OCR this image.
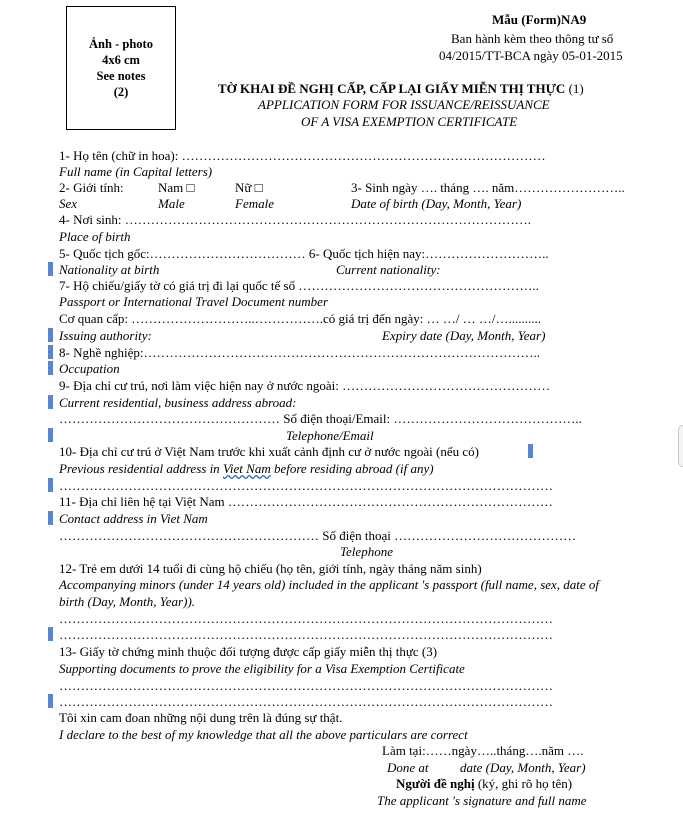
Ảnh - photo
4x6 cm
See notes
(2)
Mẫu (Form)NA9
Ban hành kèm theo thông tư số
04/2015/TT-BCA ngày 05-01-2015
TỜ KHAI ĐỀ NGHỊ CẤP, CẤP LẠI GIẤY MIỄN THỊ THỰC (1)
APPLICATION FORM FOR ISSUANCE/REISSUANCE
OF A VISA EXEMPTION CERTIFICATE
1- Họ tên (chữ in hoa): …………………………………………………………………………
Full name (in Capital letters)
2- Giới tính:	Nam □	Nữ □	3- Sinh ngày …. tháng …. năm……………………..
Sex	Male	Female	Date of birth (Day, Month, Year)
4- Nơi sinh: ………………………………………………………………………………….
Place of birth
5- Quốc tịch gốc:……………………………… 6- Quốc tịch hiện nay:………………………..
Nationality at birth	Current nationality:
7- Hộ chiếu/giấy tờ có giá trị đi lại quốc tế số ………………………………………………..
Passport or International Travel Document number
Cơ quan cấp: ………………………..…………….có giá trị đến ngày: … …/ … …/…..........
Issuing authority:	Expiry date (Day, Month, Year)
8- Nghề nghiệp:………………………………………………………………………………..
Occupation
9- Địa chỉ cư trú, nơi làm việc hiện nay ở nước ngoài: …………………………………………
Current residential, business address abroad:
…………………………………………… Số điện thoại/Email: ……………………………………..
Telephone/Email
10- Địa chỉ cư trú ở Việt Nam trước khi xuất cảnh định cư ở nước ngoài (nếu có)
Previous residential address in Viet Nam before residing abroad (if any)
……………………………………………………………………………………………………
11- Địa chỉ liên hệ tại Việt Nam …………………………………………………………………
Contact address in Viet Nam
…………………………………………………… Số điện thoại ……………………………………
Telephone
12- Trẻ em dưới 14 tuổi đi cùng hộ chiếu (họ tên, giới tính, ngày tháng năm sinh)
Accompanying minors (under 14 years old) included in the applicant 's passport (full name, sex, date of
birth (Day, Month, Year)).
……………………………………………………………………………………………………
……………………………………………………………………………………………………
13- Giấy tờ chứng minh thuộc đối tượng được cấp giấy miễn thị thực (3)
Supporting documents to prove the eligibility for a Visa Exemption Certificate
……………………………………………………………………………………………………
……………………………………………………………………………………………………
Tôi xin cam đoan những nội dung trên là đúng sự thật.
I declare to the best of my knowledge that all the above particulars are correct
Làm tại:……ngày…..tháng….năm ….
Done at date (Day, Month, Year)
Người đề nghị (ký, ghi rõ họ tên)
The applicant 's signature and full name
